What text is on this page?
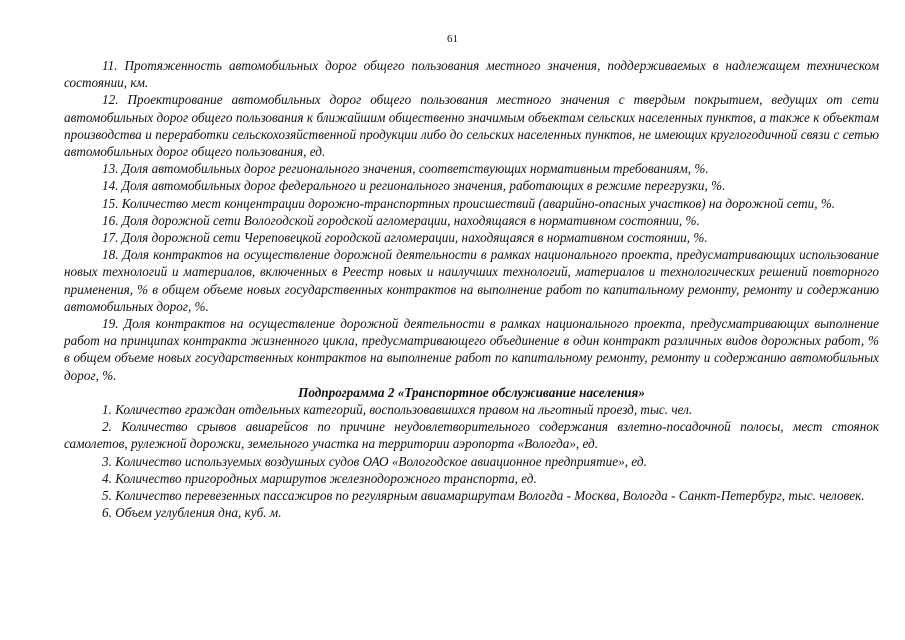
61

11. Протяженность автомобильных дорог общего пользования местного значения, поддерживаемых в надлежащем техническом состоянии, км.

12. Проектирование автомобильных дорог общего пользования местного значения с твердым покрытием, ведущих от сети автомобильных дорог общего пользования к ближайшим общественно значимым объектам сельских населенных пунктов, а также к объектам производства и переработки сельскохозяйственной продукции либо до сельских населенных пунктов, не имеющих круглогодичной связи с сетью автомобильных дорог общего пользования, ед.

13. Доля автомобильных дорог регионального значения, соответствующих нормативным требованиям, %.

14. Доля автомобильных дорог федерального и регионального значения, работающих в режиме перегрузки, %.

15. Количество мест концентрации дорожно-транспортных происшествий (аварийно-опасных участков) на дорожной сети, %.

16. Доля дорожной сети Вологодской городской агломерации, находящаяся в нормативном состоянии, %.

17. Доля дорожной сети Череповецкой городской агломерации, находящаяся в нормативном состоянии, %.

18. Доля контрактов на осуществление дорожной деятельности в рамках национального проекта, предусматривающих использование новых технологий и материалов, включенных в Реестр новых и наилучших технологий, материалов и технологических решений повторного применения, % в общем объеме новых государственных контрактов на выполнение работ по капитальному ремонту, ремонту и содержанию автомобильных дорог, %.

19. Доля контрактов на осуществление дорожной деятельности в рамках национального проекта, предусматривающих выполнение работ на принципах контракта жизненного цикла, предусматривающего объединение в один контракт различных видов дорожных работ, % в общем объеме новых государственных контрактов на выполнение работ по капитальному ремонту, ремонту и содержанию автомобильных дорог, %.

Подпрограмма 2 «Транспортное обслуживание населения»

1. Количество граждан отдельных категорий, воспользовавшихся правом на льготный проезд, тыс. чел.

2. Количество срывов авиарейсов по причине неудовлетворительного содержания взлетно-посадочной полосы, мест стоянок самолетов, рулежной дорожки, земельного участка на территории аэропорта «Вологда», ед.

3. Количество используемых воздушных судов ОАО «Вологодское авиационное предприятие», ед.

4. Количество пригородных маршрутов железнодорожного транспорта, ед.

5. Количество перевезенных пассажиров по регулярным авиамаршрутам Вологда - Москва, Вологда - Санкт-Петербург, тыс. человек.

6. Объем углубления дна, куб. м.
